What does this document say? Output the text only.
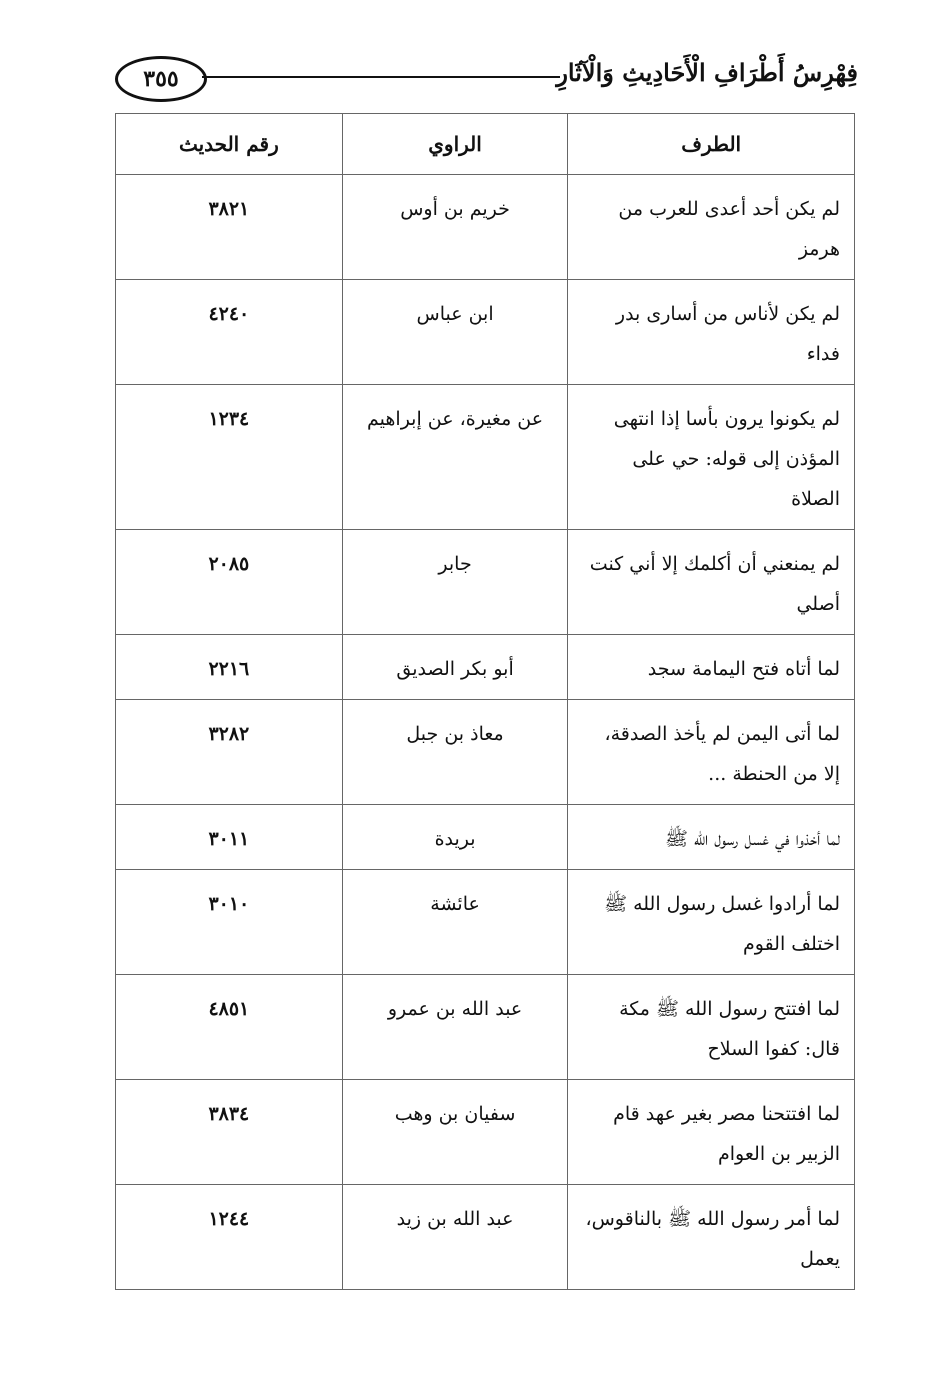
٣٥٥	فِهْرِسُ أَطْرَافِ الْأَحَادِيثِ وَالْآثَارِ
الطرف	الراوي	رقم الحديث
لم يكن أحد أعدى للعرب من هرمز	خريم بن أوس	٣٨٢١
لم يكن لأناس من أسارى بدر فداء	ابن عباس	٤٢٤٠
لم يكونوا يرون بأسا إذا انتهى المؤذن إلى قوله: حي على الصلاة	عن مغيرة، عن إبراهيم	١٢٣٤
لم يمنعني أن أكلمك إلا أني كنت أصلي	جابر	٢٠٨٥
لما أتاه فتح اليمامة سجد	أبو بكر الصديق	٢٢١٦
لما أتى اليمن لم يأخذ الصدقة، إلا من الحنطة ...	معاذ بن جبل	٣٢٨٢
لما أخذوا في غسل رسول الله ﷺ	بريدة	٣٠١١
لما أرادوا غسل رسول الله ﷺ اختلف القوم	عائشة	٣٠١٠
لما افتتح رسول الله ﷺ مكة قال: كفوا السلاح	عبد الله بن عمرو	٤٨٥١
لما افتتحنا مصر بغير عهد قام الزبير بن العوام	سفيان بن وهب	٣٨٣٤
لما أمر رسول الله ﷺ بالناقوس، يعمل	عبد الله بن زيد	١٢٤٤
